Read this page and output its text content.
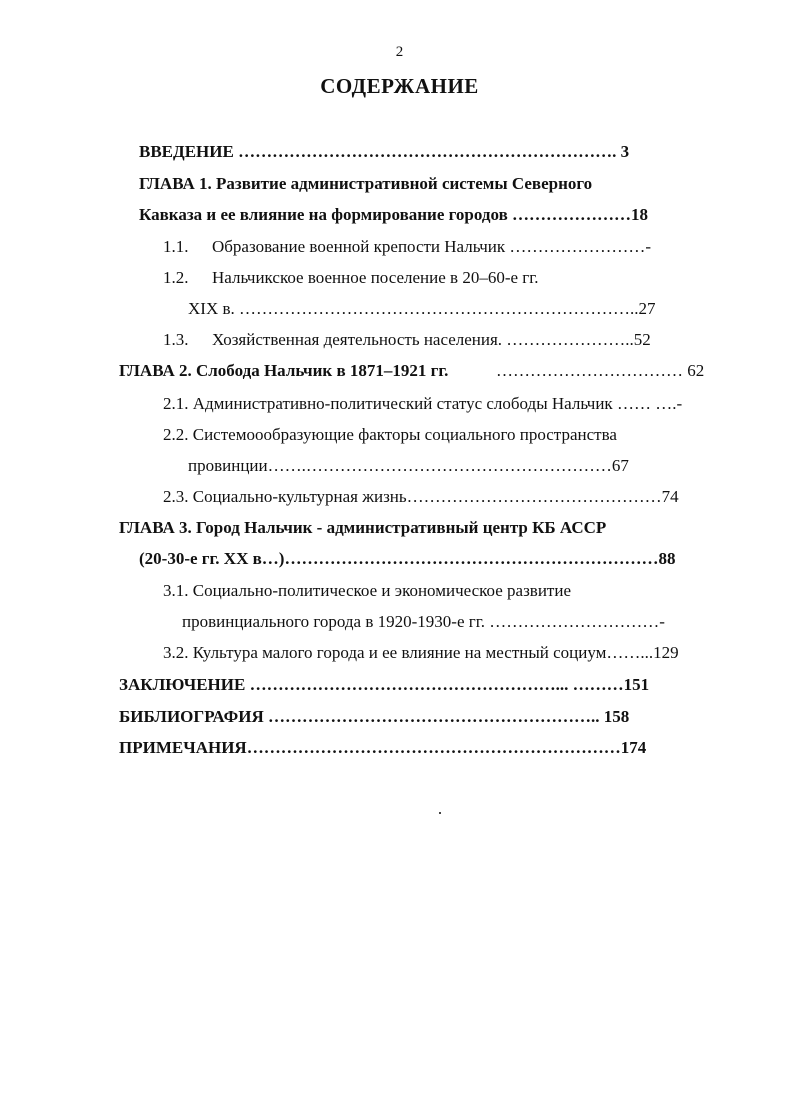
2
СОДЕРЖАНИЕ
ВВЕДЕНИЕ …………………………………………………………. 3
ГЛАВА 1. Развитие административной системы Северного
Кавказа и ее влияние на формирование городов …………………18
1.1. Образование военной крепости Нальчик ……………………-
1.2. Нальчикское военное поселение в 20–60-е гг.
XIX в. ……………………………………………………………..27
1.3. Хозяйственная деятельность населения. …………………..52
ГЛАВА 2. Слобода Нальчик в 1871–1921 гг.	…………………………… 62
2.1. Административно-политический статус слободы Нальчик …… ….-
2.2. Системоообразующие факторы социального пространства
провинции…….………………………………………………67
2.3. Социально-культурная жизнь………………………………………74
ГЛАВА 3. Город Нальчик - административный центр КБ АССР
(20-30-е гг. ХХ в…)…………………………………………………………88
3.1. Социально-политическое и экономическое развитие
провинциального города в 1920-1930-е гг. …………………………-
3.2. Культура малого города и ее влияние на местный социум……...129
ЗАКЛЮЧЕНИЕ ………………………………………………... ………151
БИБЛИОГРАФИЯ ………………………………………………….. 158
ПРИМЕЧАНИЯ…………………………………………………………174
